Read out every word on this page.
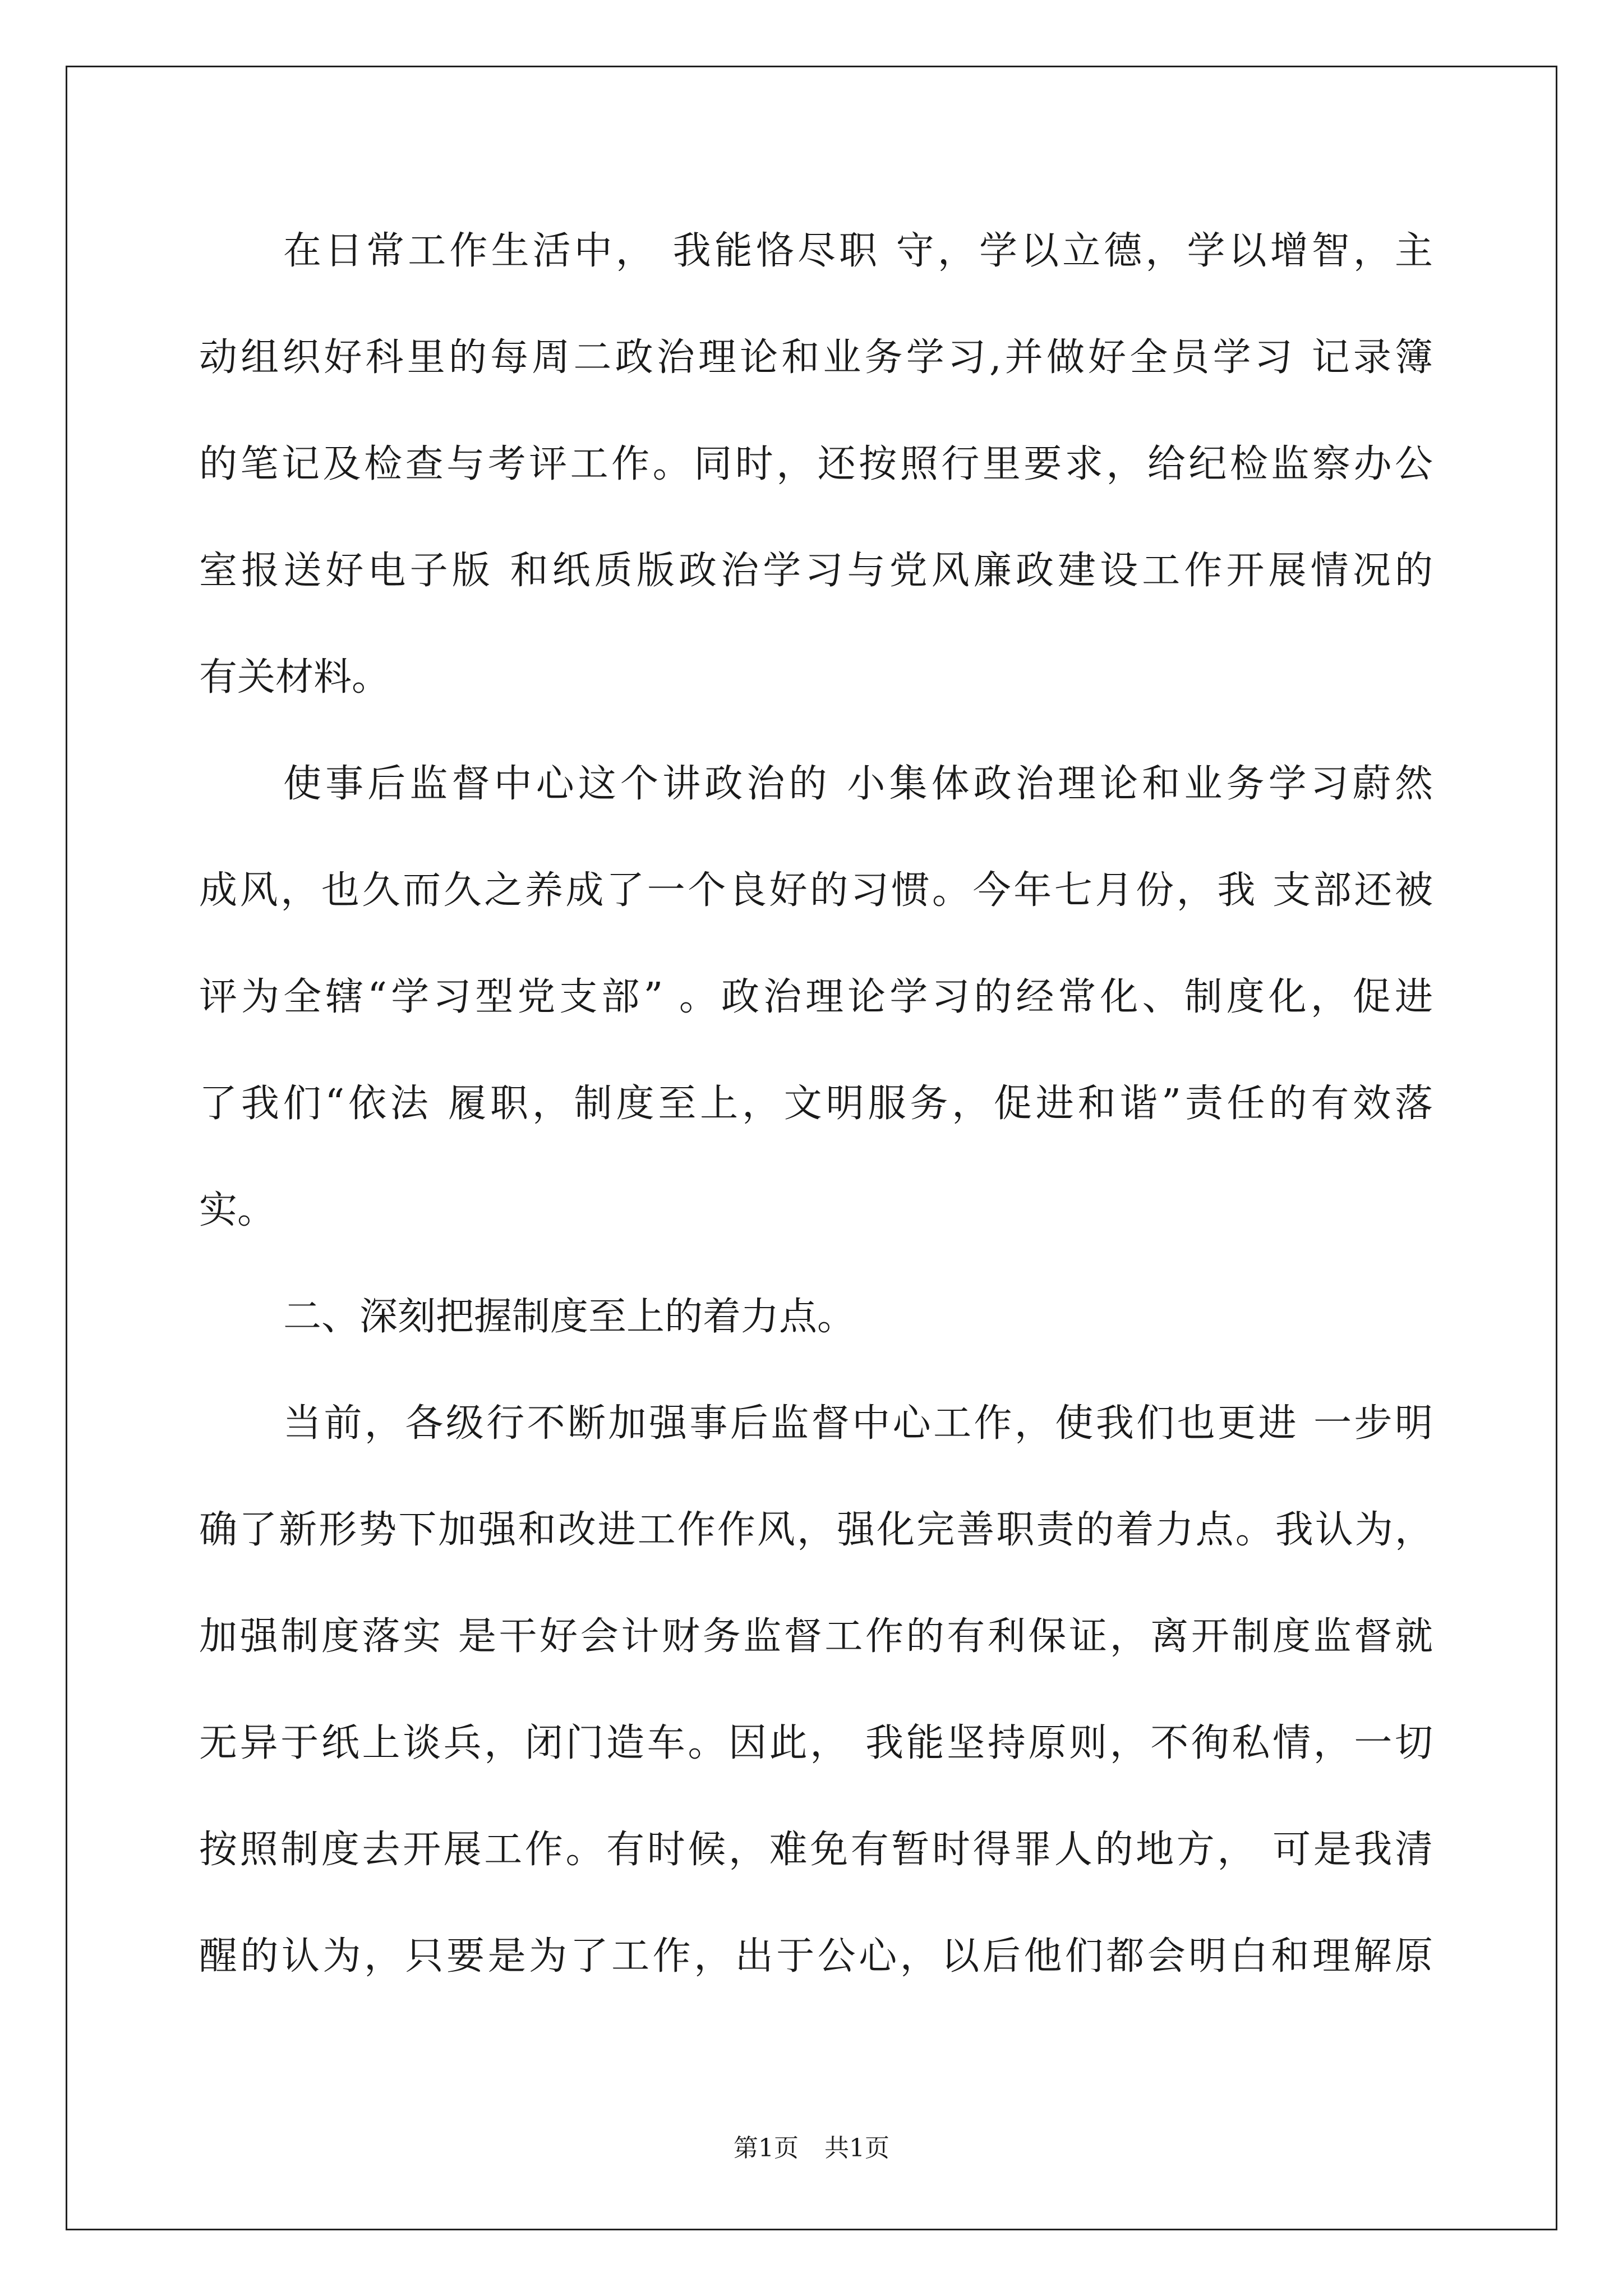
在日常工作生活中， 我能恪尽职 守，学以立德，学以增智，主
动组织好科里的每周二政治理论和业务学习,并做好全员学习 记录簿
的笔记及检查与考评工作。同时，还按照行里要求，给纪检监察办公
室报送好电子版 和纸质版政治学习与党风廉政建设工作开展情况的
有关材料。
使事后监督中心这个讲政治的 小集体政治理论和业务学习蔚然
成风，也久而久之养成了一个良好的习惯。今年七月份，我 支部还被
评为全辖“学习型党支部” 。政治理论学习的经常化、制度化，促进
了我们“依法 履职，制度至上，文明服务，促进和谐”责任的有效落
实。
二、深刻把握制度至上的着力点。
当前，各级行不断加强事后监督中心工作，使我们也更进 一步明
确了新形势下加强和改进工作作风，强化完善职责的着力点。我认为，
加强制度落实 是干好会计财务监督工作的有利保证，离开制度监督就
无异于纸上谈兵，闭门造车。因此， 我能坚持原则，不徇私情，一切
按照制度去开展工作。有时候，难免有暂时得罪人的地方， 可是我清
醒的认为，只要是为了工作，出于公心，以后他们都会明白和理解原
第1页 共1页
